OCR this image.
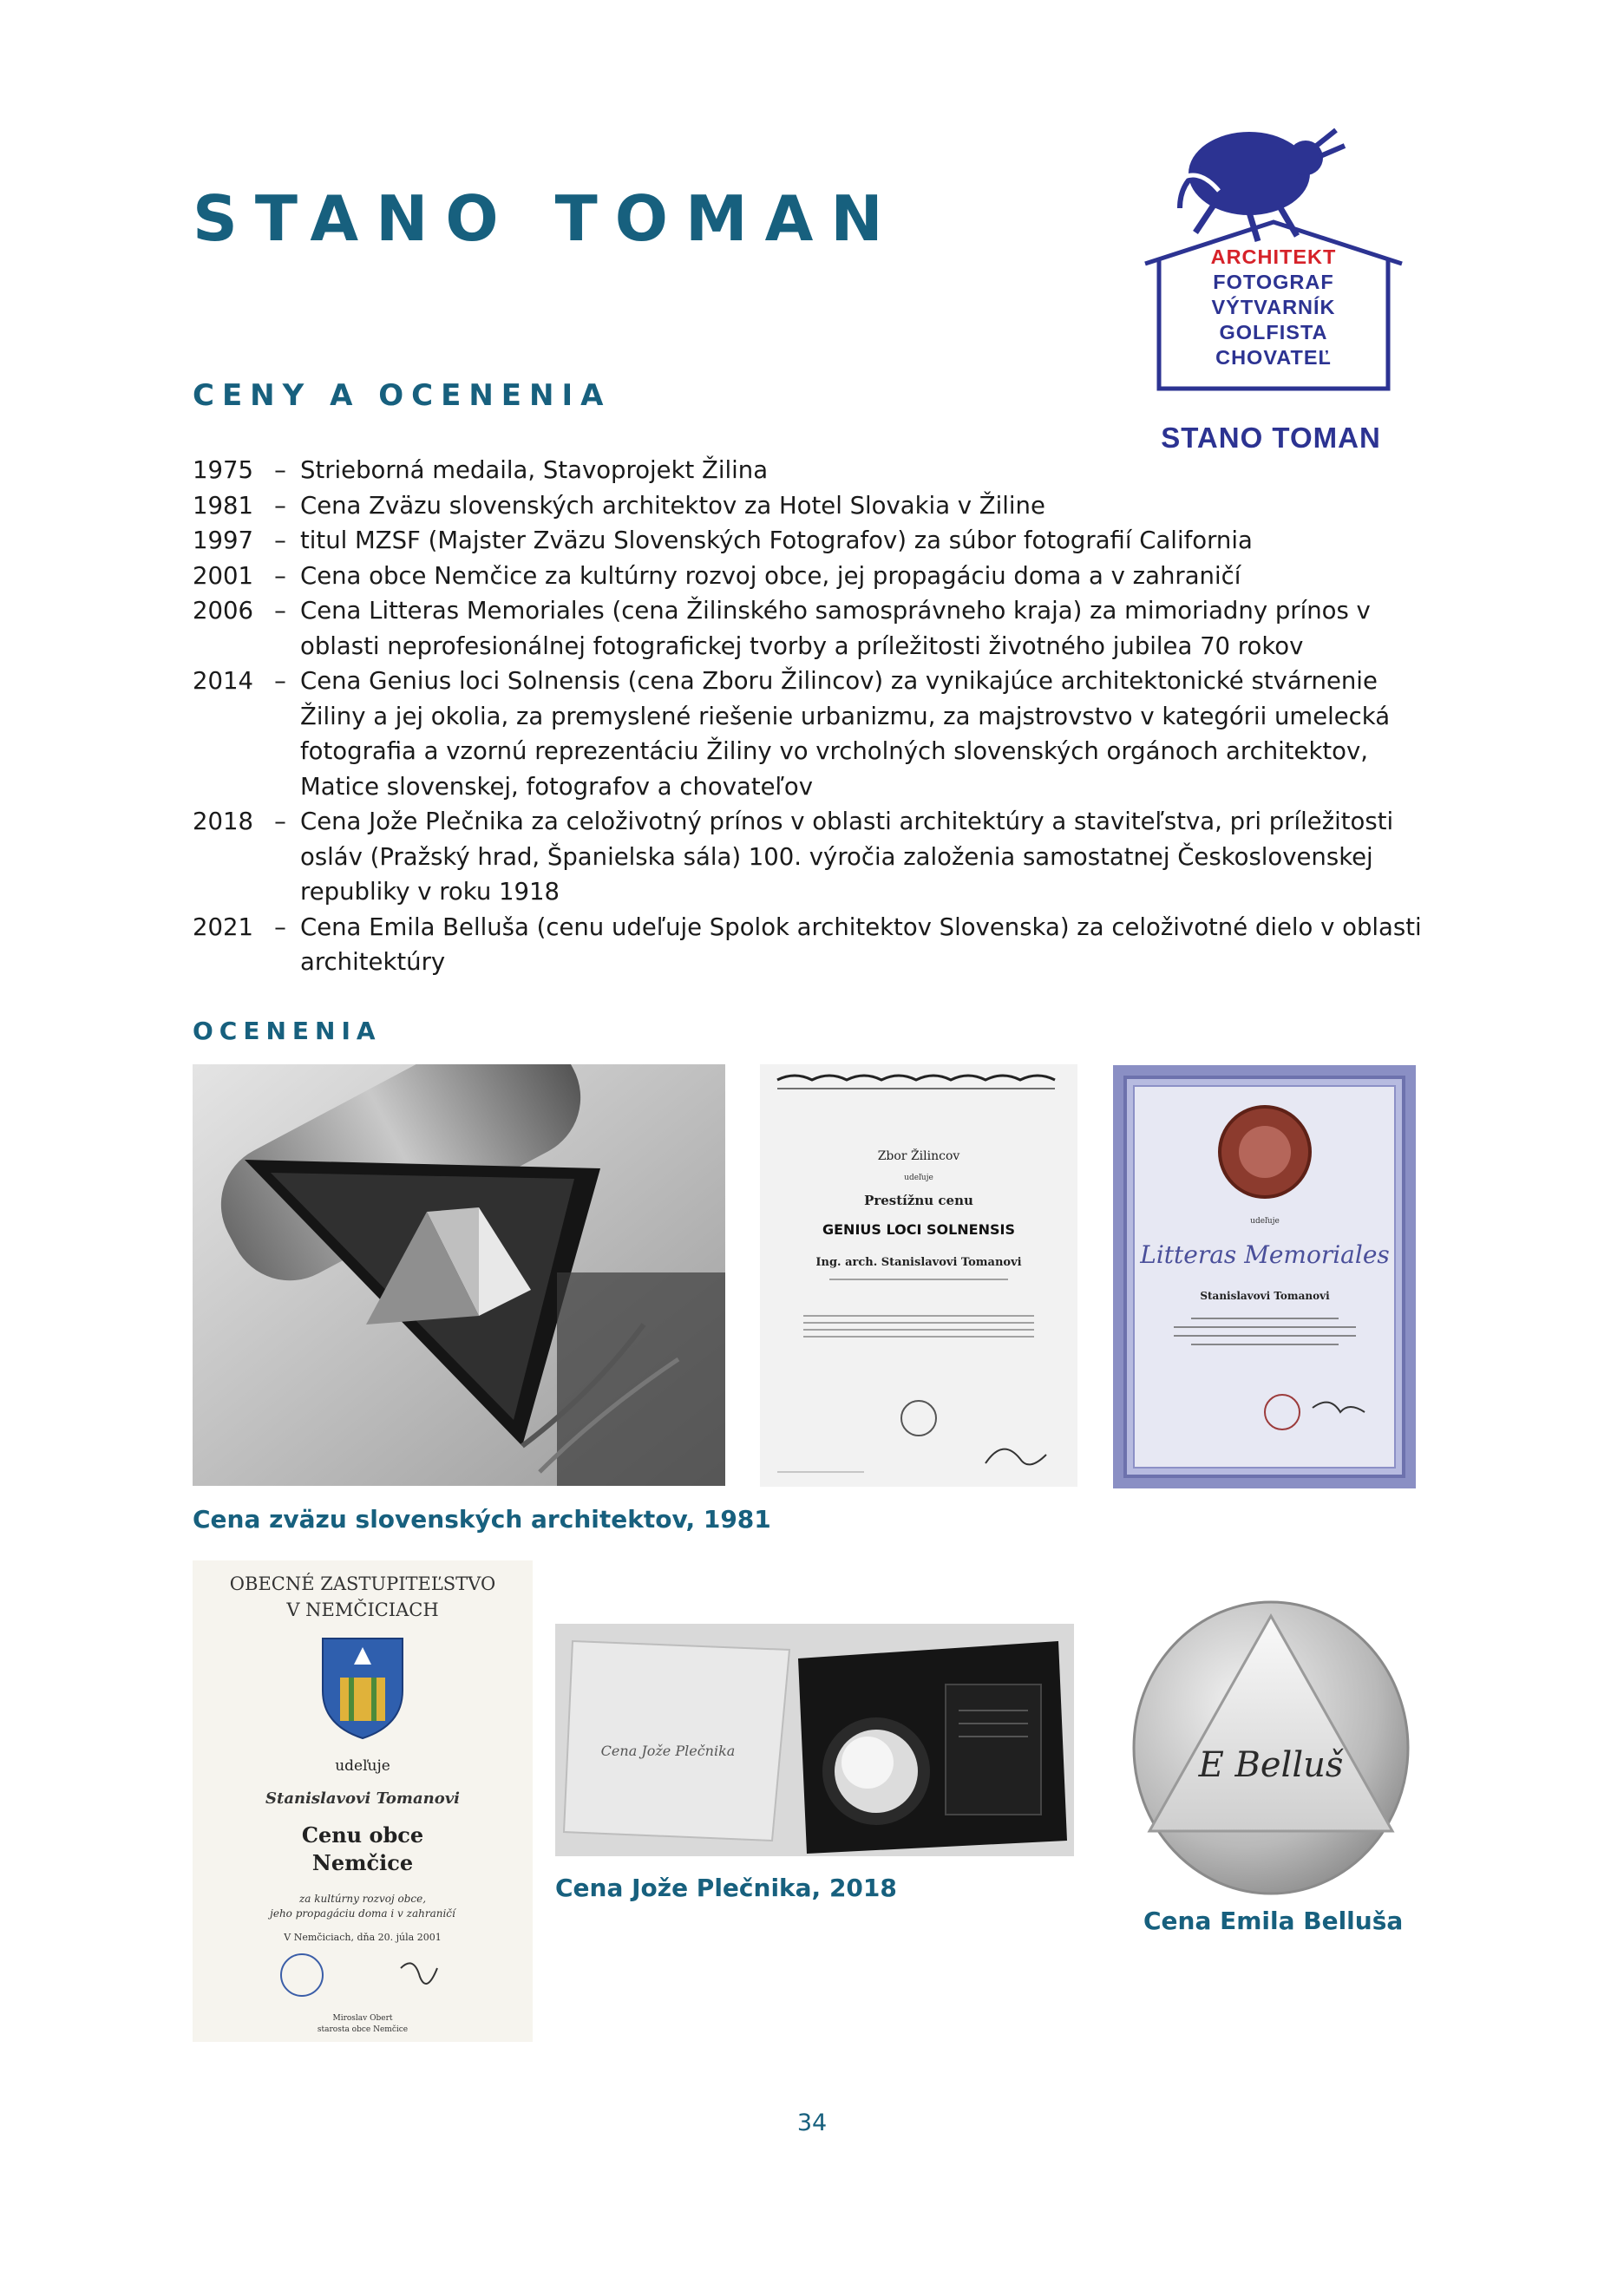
STANO TOMAN
ARCHITEKT
FOTOGRAF
VÝTVARNÍK
GOLFISTA
CHOVATEĽ
STANO TOMAN
CENY A OCENENIA
1975 – Strieborná medaila, Stavoprojekt Žilina
1981 – Cena Zväzu slovenských architektov za Hotel Slovakia v Žiline
1997 – titul MZSF (Majster Zväzu Slovenských Fotografov) za súbor fotografií California
2001 – Cena obce Nemčice za kultúrny rozvoj obce, jej propagáciu doma a v zahraničí
2006 – Cena Litteras Memoriales (cena Žilinského samosprávneho kraja) za mimoriadny prínos v oblasti neprofesionálnej fotografickej tvorby a príležitosti životného jubilea 70 rokov
2014 – Cena Genius loci Solnensis (cena Zboru Žilincov) za vynikajúce architektonické stvárnenie Žiliny a jej okolia, za premyslené riešenie urbanizmu, za majstrovstvo v kategórii umelecká fotografia a vzornú reprezentáciu Žiliny vo vrcholných slovenských orgánoch architektov, Matice slovenskej, fotografov a chovateľov
2018 – Cena Jože Plečnika za celoživotný prínos v oblasti architektúry a staviteľstva, pri príležitosti osláv (Pražský hrad, Španielska sála) 100. výročia založenia samostatnej Československej republiky v roku 1918
2021 – Cena Emila Belluša (cenu udeľuje Spolok architektov Slovenska) za celoživotné dielo v oblasti architektúry
OCENENIA
Zbor Žilincov
udeľuje
Prestížnu cenu
GENIUS LOCI SOLNENSIS
Ing. arch. Stanislavovi Tomanovi
udeľuje
Litteras Memoriales
Stanislavovi Tomanovi
OBECNÉ ZASTUPITEĽSTVO
V NEMČICIACH
udeľuje
Stanislavovi Tomanovi
Cenu obce
Nemčice
za kultúrny rozvoj obce,
jeho propagáciu doma i v zahraničí
V Nemčiciach, dňa 20. júla 2001
Miroslav Obert
starosta obce Nemčice
Cena Jože Plečnika	E Belluš

Cena zväzu slovenských architektov, 1981

Cena Jože Plečnika, 2018

Cena Emila Belluša

34
